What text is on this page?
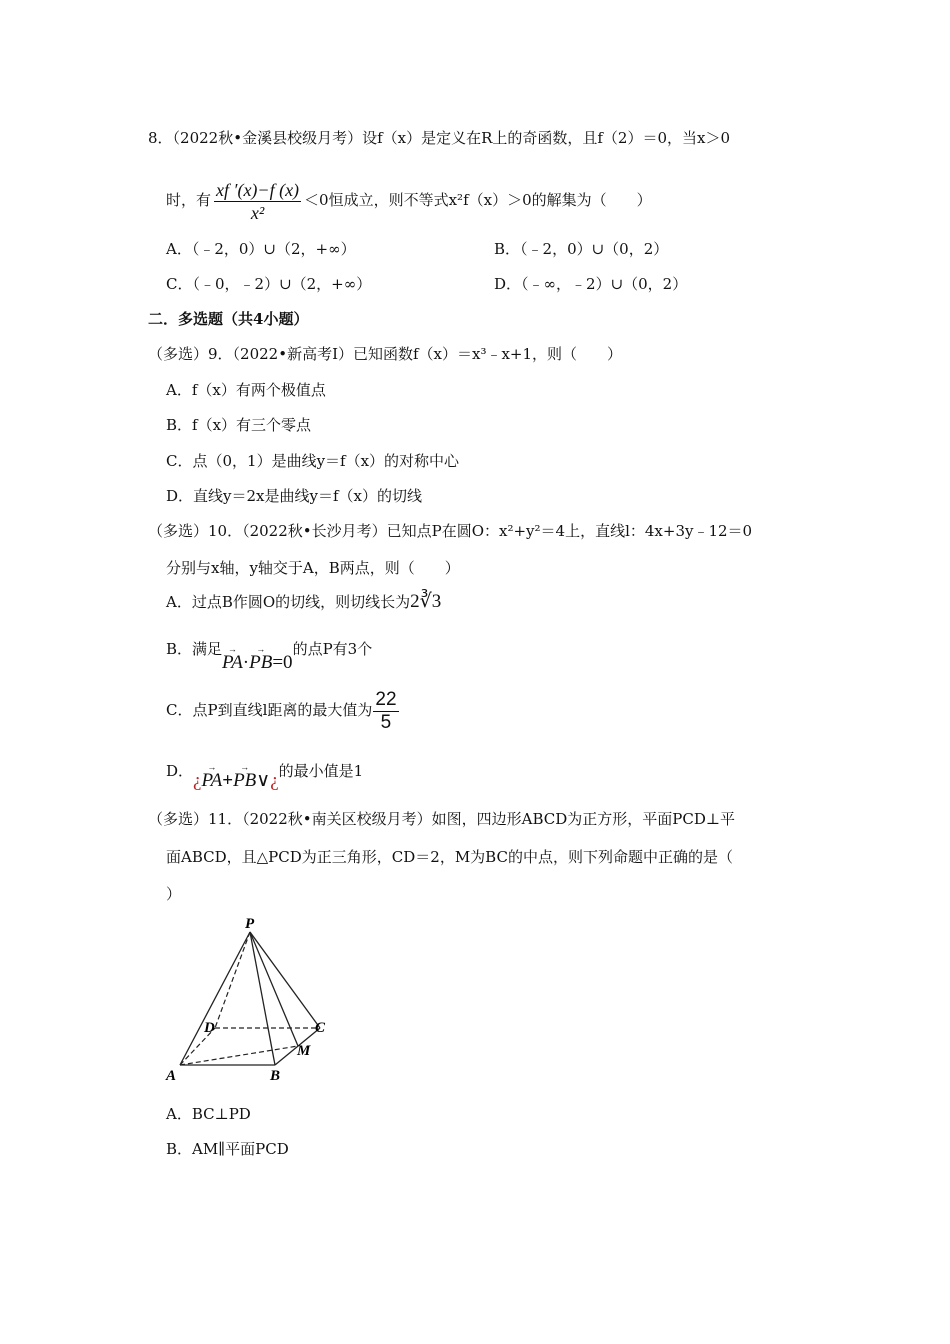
8．（2022秋•金溪县校级月考）设f（x）是定义在R上的奇函数，且f（2）＝0，当x＞0
时，有 $\frac{xf '(x)-f (x)}{\text{x²}} <0$恒成立，则不等式x²f（x）＞0的解集为（　　）
A．（﹣2，0）∪（2，+∞）	B．（﹣2，0）∪（0，2）
C．（﹣0，﹣2）∪（2，+∞）	D．（﹣∞，﹣2）∪（0，2）
二．多选题（共4小题）
（多选）9．（2022•新高考Ⅰ）已知函数f（x）＝x³﹣x+1，则（　　）
A．f（x）有两个极值点
B．f（x）有三个零点
C．点（0，1）是曲线y＝f（x）的对称中心
D．直线y＝2x是曲线y＝f（x）的切线
（多选）10．（2022秋•长沙月考）已知点P在圆O：x²+y²＝4上，直线l：4x+3y﹣12＝0
分别与x轴，y轴交于A，B两点，则（　　）
A．过点B作圆O的切线，则切线长为2∛3
B．满足 →
PA·
→
PB=0的点P有3个
C．点P到直线l距离的最大值为 $\frac{22}{5}$
D．¿
→
PA+
→
PB∨¿的最小值是1
（多选）11．（2022秋•南关区校级月考）如图，四边形ABCD为正方形，平面PCD⊥平
面ABCD，且△PCD为正三角形，CD＝2，M为BC的中点，则下列命题中正确的是（
）
P
D	C
M
A	B
A．BC⊥PD
B．AM∥平面PCD
